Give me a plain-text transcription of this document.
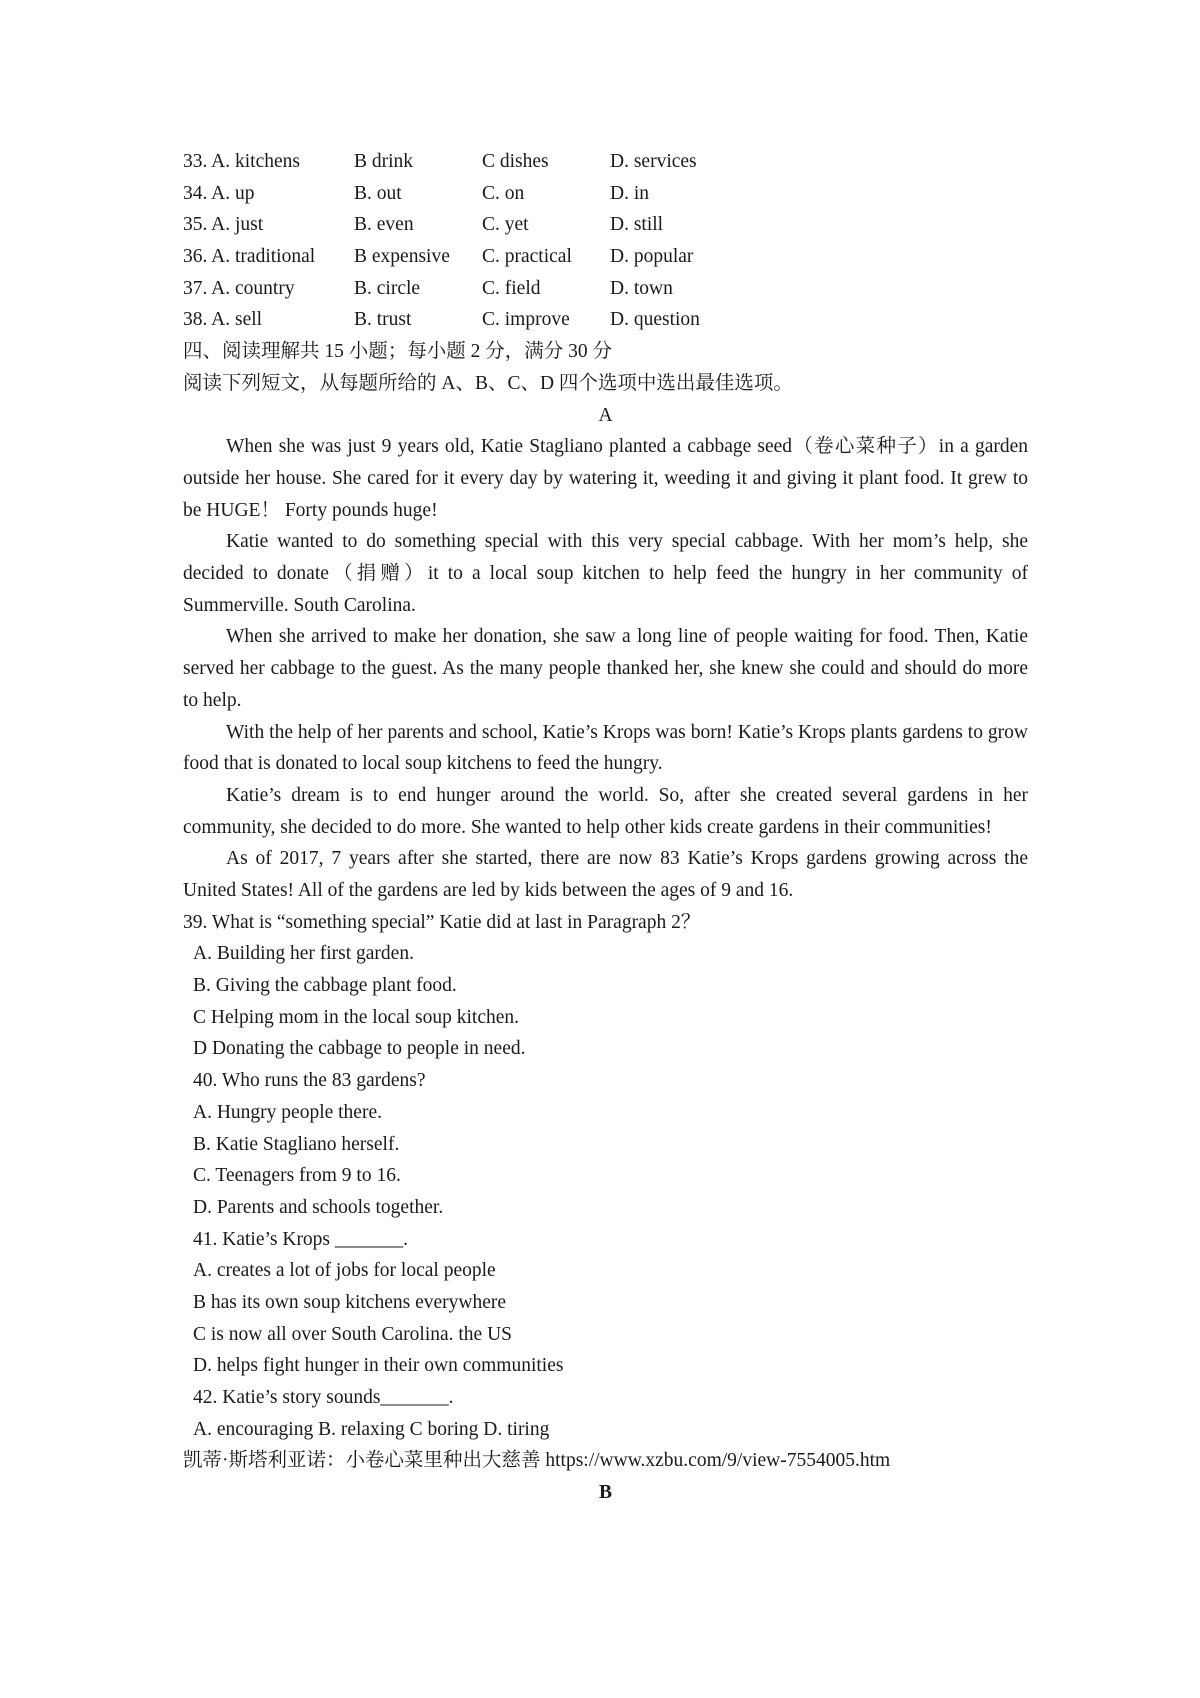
33. A. kitchens	B drink	C dishes	D. services
34. A. up	B. out	C. on	D. in
35. A. just	B. even	C. yet	D. still
36. A. traditional	B expensive	C. practical	D. popular
37. A. country	B. circle	C. field	D. town
38. A. sell	B. trust	C. improve	D. question
四、阅读理解共 15 小题；每小题 2 分，满分 30 分
阅读下列短文，从每题所给的 A、B、C、D 四个选项中选出最佳选项。
A

When she was just 9 years old, Katie Stagliano planted a cabbage seed（卷心菜种子）in a garden outside her house. She cared for it every day by watering it, weeding it and giving it plant food. It grew to be HUGE！ Forty pounds huge!

Katie wanted to do something special with this very special cabbage. With her mom’s help, she decided to donate（捐赠）it to a local soup kitchen to help feed the hungry in her community of Summerville. South Carolina.

When she arrived to make her donation, she saw a long line of people waiting for food. Then, Katie served her cabbage to the guest. As the many people thanked her, she knew she could and should do more to help.

With the help of her parents and school, Katie’s Krops was born! Katie’s Krops plants gardens to grow food that is donated to local soup kitchens to feed the hungry.

Katie’s dream is to end hunger around the world. So, after she created several gardens in her community, she decided to do more. She wanted to help other kids create gardens in their communities!

As of 2017, 7 years after she started, there are now 83 Katie’s Krops gardens growing across the United States! All of the gardens are led by kids between the ages of 9 and 16.

39. What is “something special” Katie did at last in Paragraph 2？
A. Building her first garden.
B. Giving the cabbage plant food.
C Helping mom in the local soup kitchen.
D Donating the cabbage to people in need.
40. Who runs the 83 gardens?
A. Hungry people there.
B. Katie Stagliano herself.
C. Teenagers from 9 to 16.
D. Parents and schools together.
41. Katie’s Krops _______.
A. creates a lot of jobs for local people
B has its own soup kitchens everywhere
C is now all over South Carolina. the US
D. helps fight hunger in their own communities
42. Katie’s story sounds_______.
A. encouraging B. relaxing C boring D. tiring
凯蒂·斯塔利亚诺：小卷心菜里种出大慈善 https://www.xzbu.com/9/view-7554005.htm
B
